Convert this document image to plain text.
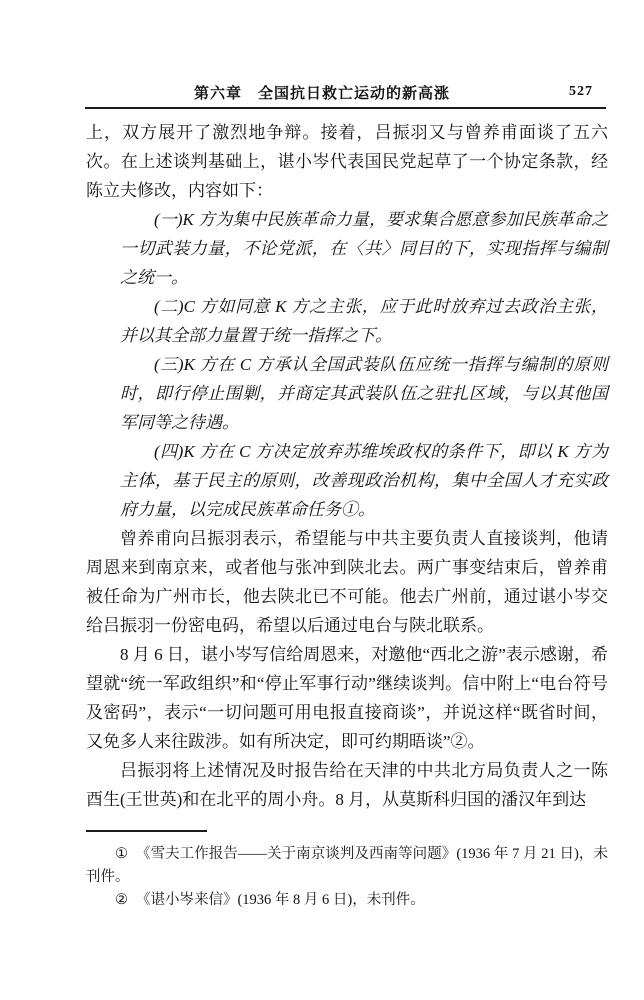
第六章　全国抗日救亡运动的新高涨	527

上，双方展开了激烈地争辩。接着，吕振羽又与曾养甫面谈了五六次。在上述谈判基础上，谌小岑代表国民党起草了一个协定条款，经陈立夫修改，内容如下：

(一)K 方为集中民族革命力量，要求集合愿意参加民族革命之一切武装力量，不论党派，在〈共〉同目的下，实现指挥与编制之统一。

(二)C 方如同意 K 方之主张，应于此时放弃过去政治主张，并以其全部力量置于统一指挥之下。

(三)K 方在 C 方承认全国武装队伍应统一指挥与编制的原则时，即行停止围剿，并商定其武装队伍之驻扎区域，与以其他国军同等之待遇。

(四)K 方在 C 方决定放弃苏维埃政权的条件下，即以 K 方为主体，基于民主的原则，改善现政治机构，集中全国人才充实政府力量，以完成民族革命任务①。

曾养甫向吕振羽表示，希望能与中共主要负责人直接谈判，他请周恩来到南京来，或者他与张冲到陕北去。两广事变结束后，曾养甫被任命为广州市长，他去陕北已不可能。他去广州前，通过谌小岑交给吕振羽一份密电码，希望以后通过电台与陕北联系。

8 月 6 日，谌小岑写信给周恩来，对邀他“西北之游”表示感谢，希望就“统一军政组织”和“停止军事行动”继续谈判。信中附上“电台符号及密码”，表示“一切问题可用电报直接商谈”，并说这样“既省时间，又免多人来往跋涉。如有所决定，即可约期晤谈”②。

吕振羽将上述情况及时报告给在天津的中共北方局负责人之一陈酉生(王世英)和在北平的周小舟。8 月，从莫斯科归国的潘汉年到达

① 《雪夫工作报告——关于南京谈判及西南等问题》(1936 年 7 月 21 日)，未刊件。

② 《谌小岑来信》(1936 年 8 月 6 日)，未刊件。
